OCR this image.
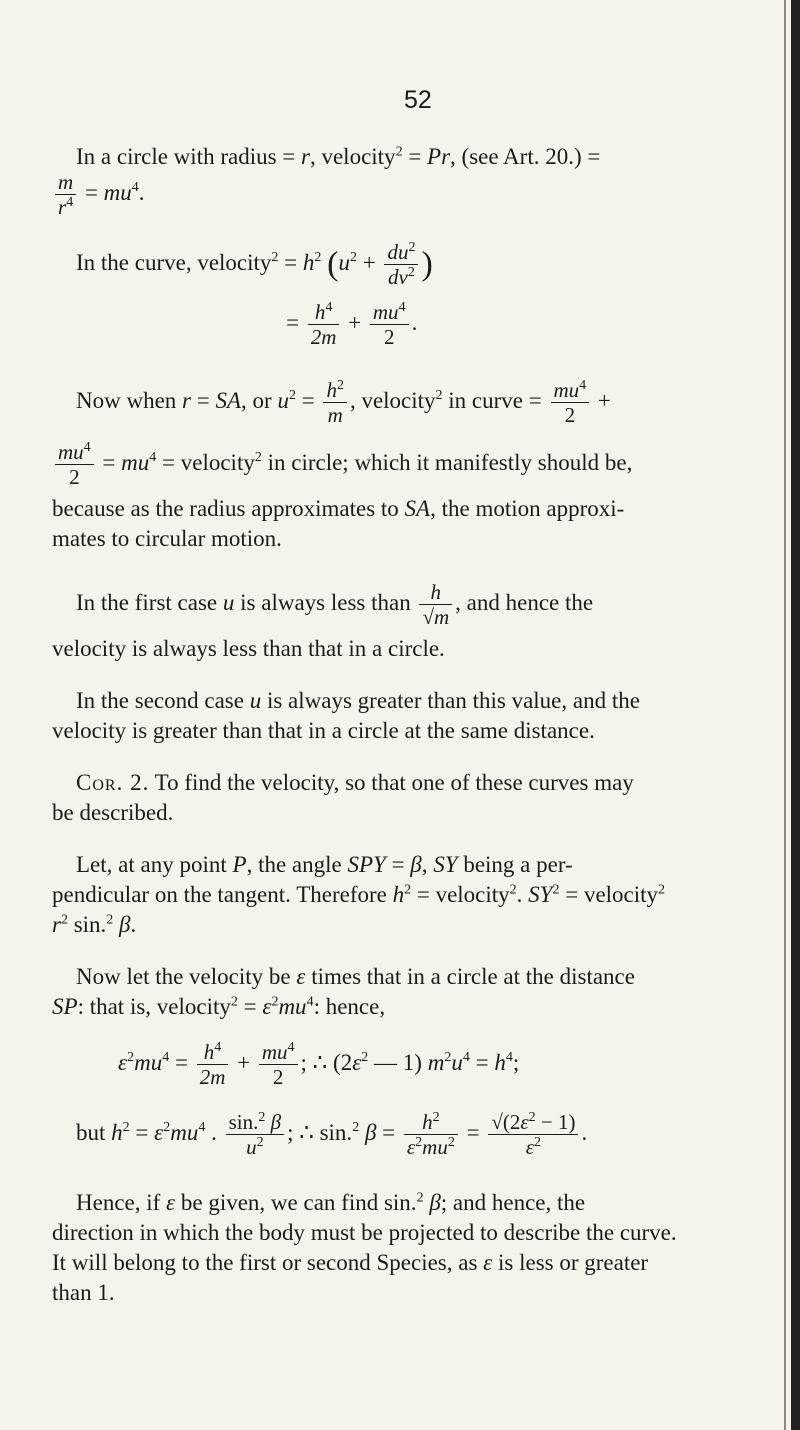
52
In a circle with radius = r, velocity$^2$ = Pr, (see Art. 20.) =
$\frac{m}{r^4} = mu^4$.
In the curve, velocity$^2$ = $h^2$ ($u^2 + \frac{du^2}{dv^2}$ )
= $\frac{h^4}{2m} + \frac{mu^4}{2}$ .
Now when r = SA, or $u^2 = \frac{h^2}{m}$ , velocity$^2$ in curve = $\frac{mu^4}{2}$ +
$\frac{mu^4}{2} = mu^4$ = velocity$^2$ in circle; which it manifestly should be,
because as the radius approximates to SA, the motion approxi-
mates to circular motion.
In the first case u is always less than $\frac{h}{√m}$ , and hence the
velocity is always less than that in a circle.
In the second case u is always greater than this value, and the
velocity is greater than that in a circle at the same distance.
Cor. 2. To find the velocity, so that one of these curves may
be described.
Let, at any point P, the angle SPY = β, SY being a per-
pendicular on the tangent. Therefore $h^2$ = velocity$^2$. $SY^2$ = velocity$^2$
$r^2$ sin.$^2$ β.
Now let the velocity be ε times that in a circle at the distance
SP: that is, velocity$^2$ = $\varepsilon^2mu^4$: hence,
$\varepsilon^2mu^4 = \frac{h^4}{2m} + \frac{mu^4}{2}$ ; ∴ ($2\varepsilon^2$ — 1) $m^2u^4 = h^4$;
but $h^2 = \varepsilon^2mu^4$ . $\frac{\sin.^2 \beta}{u^2}$ ; ∴ sin.$^2$ $\beta = \frac{h^2}{\varepsilon^2mu^2} = \frac{√(2\varepsilon^2 - 1)}{\varepsilon^2}$ .
Hence, if ε be given, we can find sin.$^2$ β; and hence, the
direction in which the body must be projected to describe the curve.
It will belong to the first or second Species, as ε is less or greater
than 1.
